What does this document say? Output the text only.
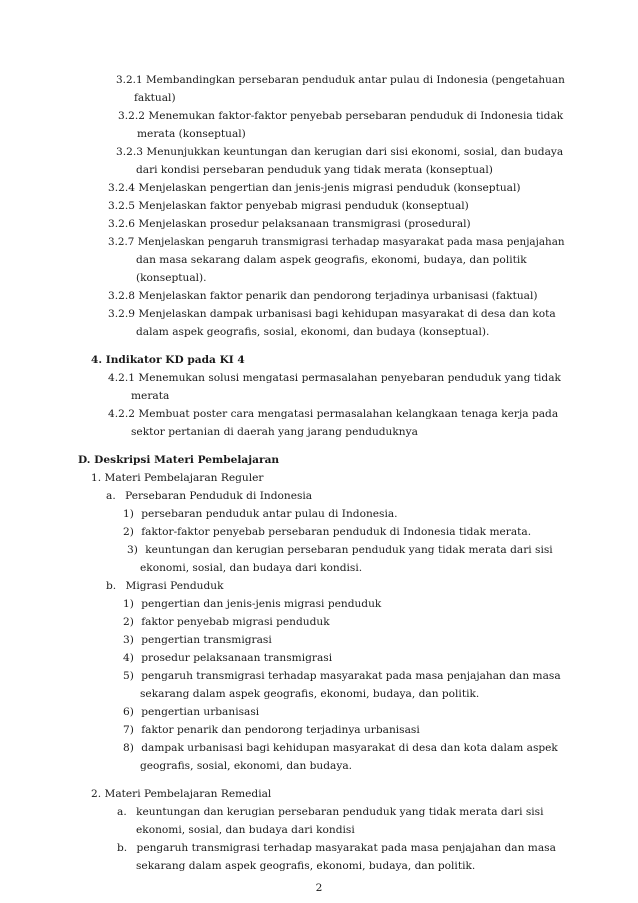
3.2.1 Membandingkan persebaran penduduk antar pulau di Indonesia (pengetahuan
faktual)
3.2.2 Menemukan faktor-faktor penyebab persebaran penduduk di Indonesia tidak
merata (konseptual)
3.2.3 Menunjukkan keuntungan dan kerugian dari sisi ekonomi, sosial, dan budaya
dari kondisi persebaran penduduk yang tidak merata (konseptual)
3.2.4 Menjelaskan pengertian dan jenis-jenis migrasi penduduk (konseptual)
3.2.5 Menjelaskan faktor penyebab migrasi penduduk (konseptual)
3.2.6 Menjelaskan prosedur pelaksanaan transmigrasi (prosedural)
3.2.7 Menjelaskan pengaruh transmigrasi terhadap masyarakat pada masa penjajahan
dan masa sekarang dalam aspek geografis, ekonomi, budaya, dan politik
(konseptual).
3.2.8 Menjelaskan faktor penarik dan pendorong terjadinya urbanisasi (faktual)
3.2.9 Menjelaskan dampak urbanisasi bagi kehidupan masyarakat di desa dan kota
dalam aspek geografis, sosial, ekonomi, dan budaya (konseptual).
4. Indikator KD pada KI 4
4.2.1 Menemukan solusi mengatasi permasalahan penyebaran penduduk yang tidak
merata
4.2.2 Membuat poster cara mengatasi permasalahan kelangkaan tenaga kerja pada
sektor pertanian di daerah yang jarang penduduknya
D. Deskripsi Materi Pembelajaran
1. Materi Pembelajaran Reguler
a. Persebaran Penduduk di Indonesia
1) persebaran penduduk antar pulau di Indonesia.
2) faktor-faktor penyebab persebaran penduduk di Indonesia tidak merata.
3) keuntungan dan kerugian persebaran penduduk yang tidak merata dari sisi
ekonomi, sosial, dan budaya dari kondisi.
b. Migrasi Penduduk
1) pengertian dan jenis-jenis migrasi penduduk
2) faktor penyebab migrasi penduduk
3) pengertian transmigrasi
4) prosedur pelaksanaan transmigrasi
5) pengaruh transmigrasi terhadap masyarakat pada masa penjajahan dan masa
sekarang dalam aspek geografis, ekonomi, budaya, dan politik.
6) pengertian urbanisasi
7) faktor penarik dan pendorong terjadinya urbanisasi
8) dampak urbanisasi bagi kehidupan masyarakat di desa dan kota dalam aspek
geografis, sosial, ekonomi, dan budaya.
2. Materi Pembelajaran Remedial
a. keuntungan dan kerugian persebaran penduduk yang tidak merata dari sisi
ekonomi, sosial, dan budaya dari kondisi
b. pengaruh transmigrasi terhadap masyarakat pada masa penjajahan dan masa
sekarang dalam aspek geografis, ekonomi, budaya, dan politik.
2
